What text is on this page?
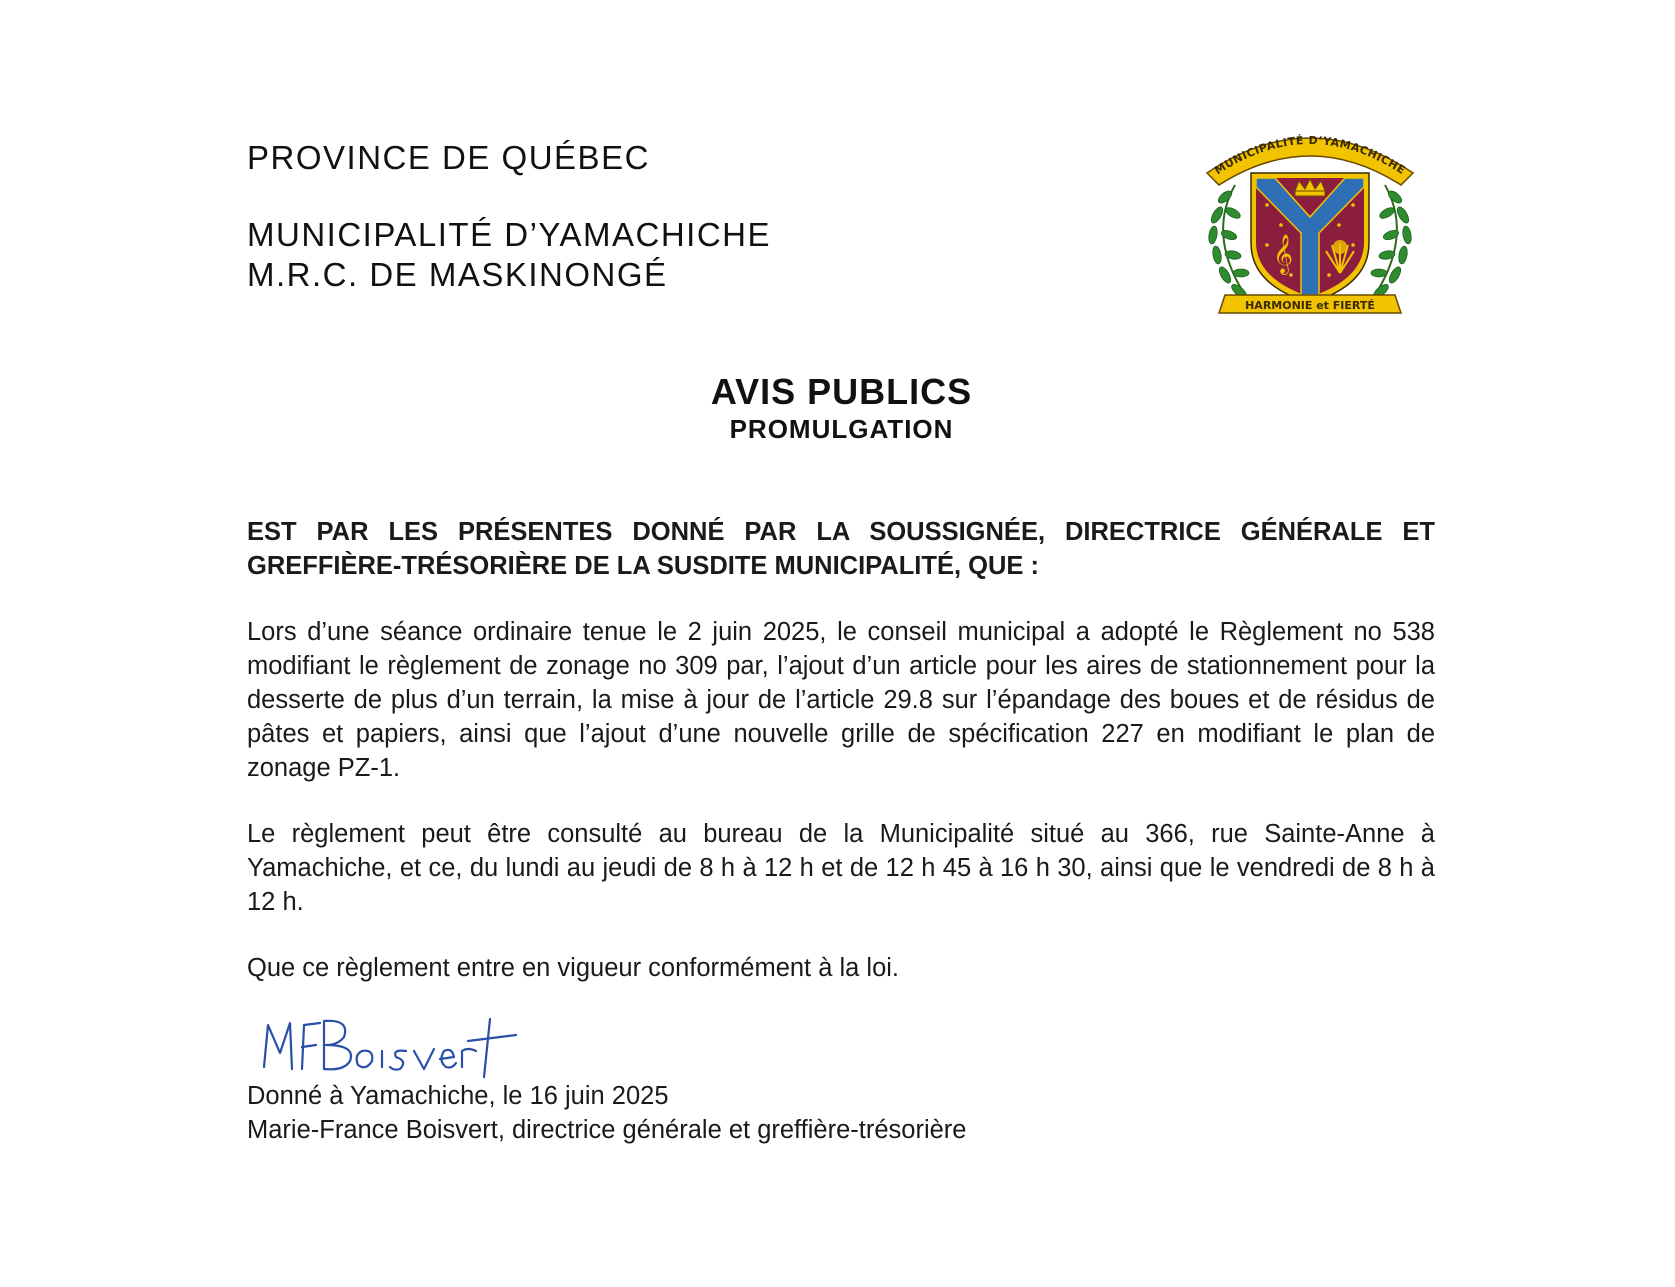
PROVINCE DE QUÉBEC
MUNICIPALITÉ D’YAMACHICHE
M.R.C. DE MASKINONGÉ
MUNICIPALITÉ D’YAMACHICHE
𝄞
HARMONIE et FIERTÉ
AVIS PUBLICS
PROMULGATION

EST PAR LES PRÉSENTES DONNÉ PAR LA SOUSSIGNÉE, DIRECTRICE GÉNÉRALE ET GREFFIÈRE-TRÉSORIÈRE DE LA SUSDITE MUNICIPALITÉ, QUE :

Lors d’une séance ordinaire tenue le 2 juin 2025, le conseil municipal a adopté le Règlement no 538 modifiant le règlement de zonage no 309 par, l’ajout d’un article pour les aires de stationnement pour la desserte de plus d’un terrain, la mise à jour de l’article 29.8 sur l’épandage des boues et de résidus de pâtes et papiers, ainsi que l’ajout d’une nouvelle grille de spécification 227 en modifiant le plan de zonage PZ-1.

Le règlement peut être consulté au bureau de la Municipalité situé au 366, rue Sainte-Anne à Yamachiche, et ce, du lundi au jeudi de 8 h à 12 h et de 12 h 45 à 16 h 30, ainsi que le vendredi de 8 h à 12 h.

Que ce règlement entre en vigueur conformément à la loi.

Donné à Yamachiche, le 16 juin 2025
Marie-France Boisvert, directrice générale et greffière-trésorière
